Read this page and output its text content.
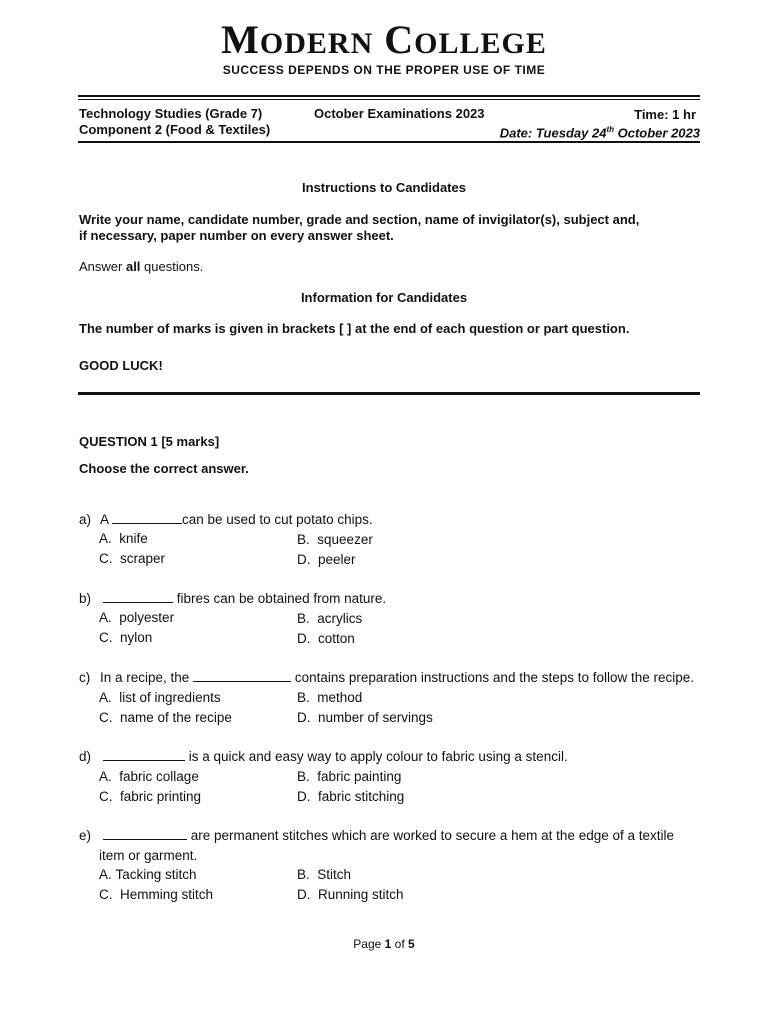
MODERN COLLEGE
SUCCESS DEPENDS ON THE PROPER USE OF TIME
Technology Studies (Grade 7)
Component 2 (Food & Textiles)
October Examinations 2023	Time: 1 hr
Date: Tuesday 24th October 2023
Instructions to Candidates
Write your name, candidate number, grade and section, name of invigilator(s), subject and,
if necessary, paper number on every answer sheet.
Answer all questions.
Information for Candidates
The number of marks is given in brackets [ ] at the end of each question or part question.
GOOD LUCK!
QUESTION 1 [5 marks]
Choose the correct answer.
a) A	can be used to cut potato chips.
A. knife	B. squeezer
C. scraper	D. peeler
b)	fibres can be obtained from nature.
A. polyester	B. acrylics
C. nylon	D. cotton
c) In a recipe, the	contains preparation instructions and the steps to follow the recipe.
A. list of ingredients	B. method
C. name of the recipe	D. number of servings
d)	is a quick and easy way to apply colour to fabric using a stencil.
A. fabric collage	B. fabric painting
C. fabric printing	D. fabric stitching
e)	are permanent stitches which are worked to secure a hem at the edge of a textile
item or garment.
A. Tacking stitch	B. Stitch
C. Hemming stitch	D. Running stitch
Page 1 of 5
